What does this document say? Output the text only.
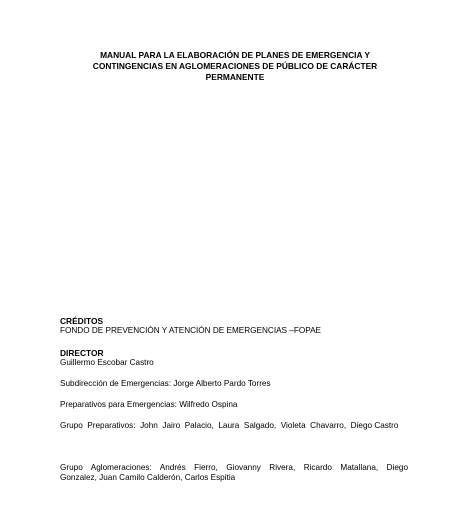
MANUAL PARA LA ELABORACIÓN DE PLANES DE EMERGENCIA Y
CONTINGENCIAS EN AGLOMERACIONES DE PÚBLICO DE CARÁCTER
PERMANENTE
CRÉDITOS
FONDO DE PREVENCIÓN Y ATENCIÓN DE EMERGENCIAS –FOPAE
DIRECTOR
Guillermo Escobar Castro
Subdirección de Emergencias: Jorge Alberto Pardo Torres
Preparativos para Emergencias: Wilfredo Ospina
Grupo  Preparativos:  John  Jairo  Palacio,  Laura  Salgado,  Violeta  Chavarro,  Diego Castro
Grupo  Aglomeraciones:  Andrés  Fierro,  Giovanny  Rivera,  Ricardo  Matallana,  Diego Gonzalez, Juan Camilo Calderón, Carlos Espitia
